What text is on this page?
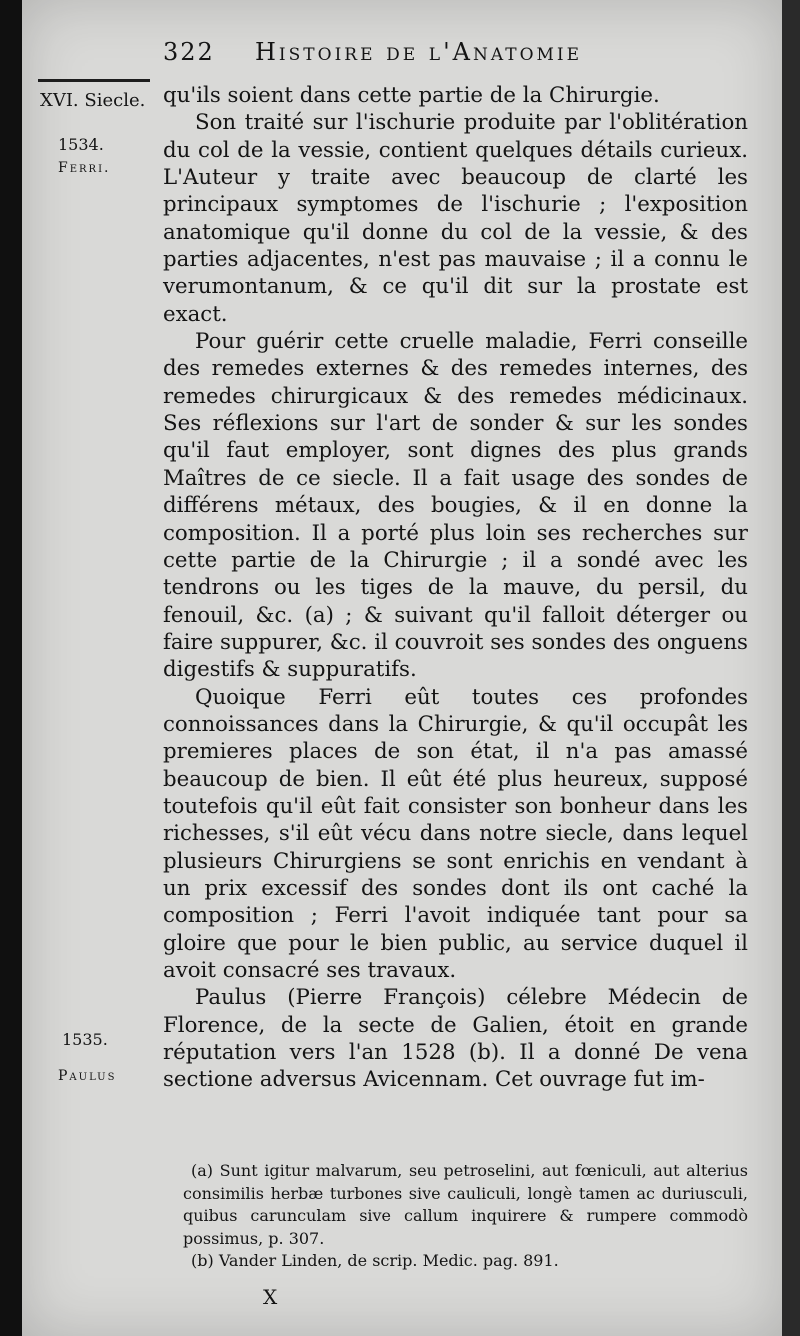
322 Histoire de l'Anatomie
XVI. Siecle.
1534.
Ferri.
1535.
Paulus

qu'ils soient dans cette partie de la Chirurgie.

Son traité sur l'ischurie produite par l'oblitération du col de la vessie, contient quelques détails curieux. L'Auteur y traite avec beaucoup de clarté les principaux symptomes de l'ischurie ; l'exposition anatomique qu'il donne du col de la vessie, & des parties adjacentes, n'est pas mauvaise ; il a connu le verumontanum, & ce qu'il dit sur la prostate est exact.

Pour guérir cette cruelle maladie, Ferri conseille des remedes externes & des remedes internes, des remedes chirurgicaux & des remedes médicinaux. Ses réflexions sur l'art de sonder & sur les sondes qu'il faut employer, sont dignes des plus grands Maîtres de ce siecle. Il a fait usage des sondes de différens métaux, des bougies, & il en donne la composition. Il a porté plus loin ses recherches sur cette partie de la Chirurgie ; il a sondé avec les tendrons ou les tiges de la mauve, du persil, du fenouil, &c. (a) ; & suivant qu'il falloit déterger ou faire suppurer, &c. il couvroit ses sondes des onguens digestifs & suppuratifs.

Quoique Ferri eût toutes ces profondes connoissances dans la Chirurgie, & qu'il occupât les premieres places de son état, il n'a pas amassé beaucoup de bien. Il eût été plus heureux, supposé toutefois qu'il eût fait consister son bonheur dans les richesses, s'il eût vécu dans notre siecle, dans lequel plusieurs Chirurgiens se sont enrichis en vendant à un prix excessif des sondes dont ils ont caché la composition ; Ferri l'avoit indiquée tant pour sa gloire que pour le bien public, au service duquel il avoit consacré ses travaux.

Paulus (Pierre François) célebre Médecin de Florence, de la secte de Galien, étoit en grande réputation vers l'an 1528 (b). Il a donné De vena sectione adversus Avicennam. Cet ouvrage fut im-

(a) Sunt igitur malvarum, seu petroselini, aut fœniculi, aut alterius consimilis herbæ turbones sive cauliculi, longè tamen ac duriusculi, quibus carunculam sive callum inquirere & rumpere commodò possimus, p. 307.

(b) Vander Linden, de scrip. Medic. pag. 891.

X
